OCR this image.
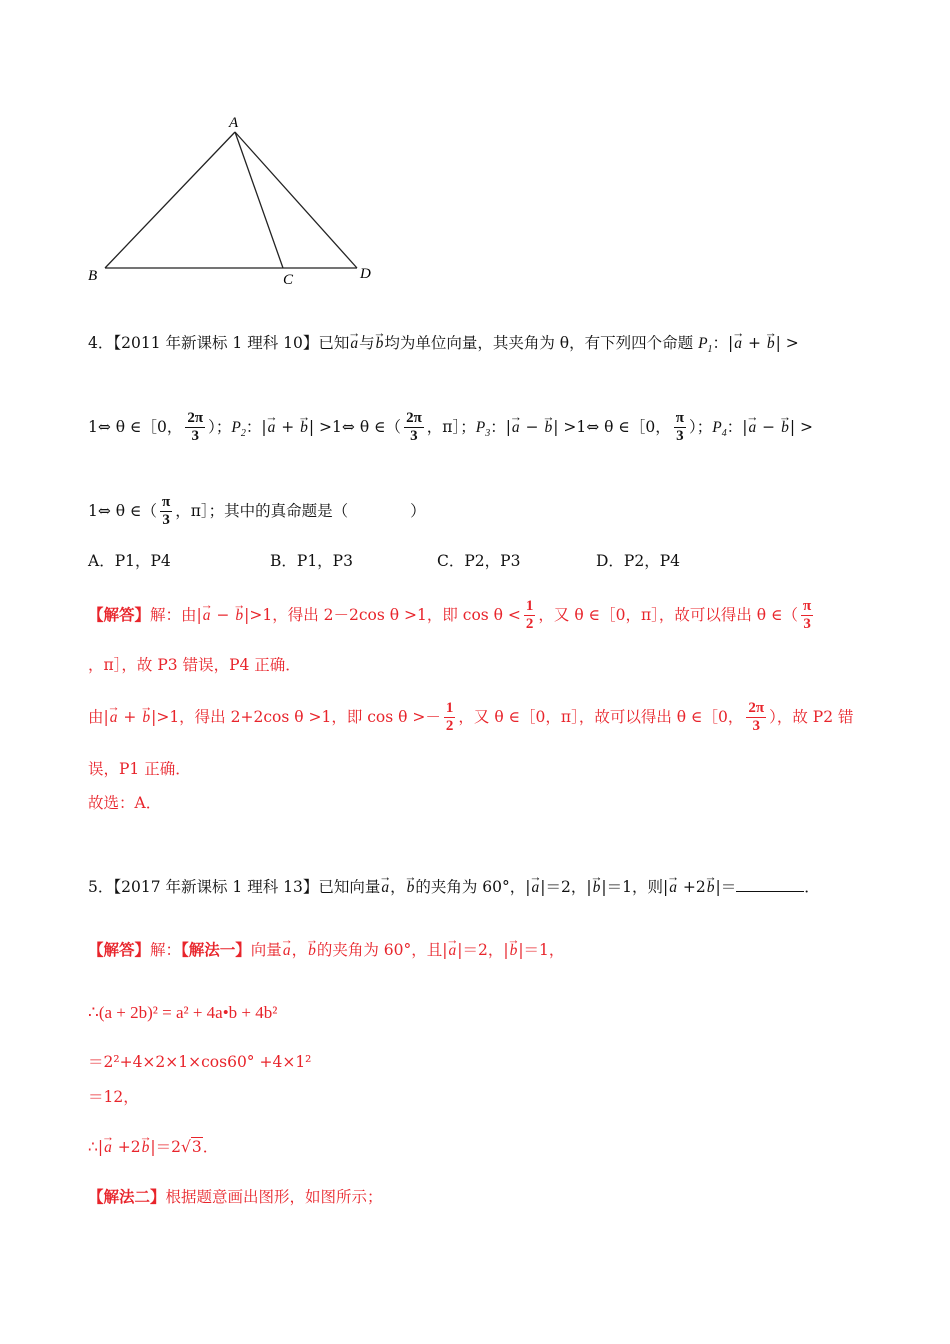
A
B	C	D
4．【2011 年新课标 1 理科 10】已知→ a与→ b均为单位向量，其夹角为 θ，有下列四个命题 $P_1$：|→ a + → b| >
1⇔ θ ∈［0， $\frac{2\pi}{3}$ ）；$P_2$：|→ a + → b| >1⇔ θ ∈（ $\frac{2\pi}{3}$ ，π］；$P_3$：|→ a − → b| >1⇔ θ ∈［0， $\frac{\pi}{3}$ ）；$P_4$：|→ a − → b| >
1⇔ θ ∈（ $\frac{\pi}{3}$ ，π］；其中的真命题是（　　　　）
A．P1，P4	B．P1，P3	C．P2，P3	D．P2，P4
【解答】解：由|→ a − → b|>1，得出 2－2cos θ >1，即 $\cos \theta < \frac{1}{2}$ ，又 θ ∈［0，π］，故可以得出 θ ∈（ $\frac{\pi}{3}$
，π］，故 P3 错误，P4 正确．
由|→ a + → b|>1，得出 2+2cos θ >1，即 $\cos \theta >- \frac{1}{2}$ ，又 θ ∈［0，π］，故可以得出 θ ∈［0， $\frac{2\pi}{3}$ ），故 P2 错
误，P1 正确．
故选：A．
5．【2017 年新课标 1 理科 13】已知向量→ a，→ b的夹角为 60°，|→ a|＝2，|→ b|＝1，则|→ a +2→ b|＝	．
【解答】解：【解法一】向量→ a，→ b的夹角为 60°，且|→ a|＝2，|→ b|＝1，
∴(a + 2b)² = a² + 4a•b + 4b²
＝2²+4×2×1×cos60° +4×1²
＝12，
∴|→ a +2→ b|＝2√3．
【解法二】根据题意画出图形，如图所示；
